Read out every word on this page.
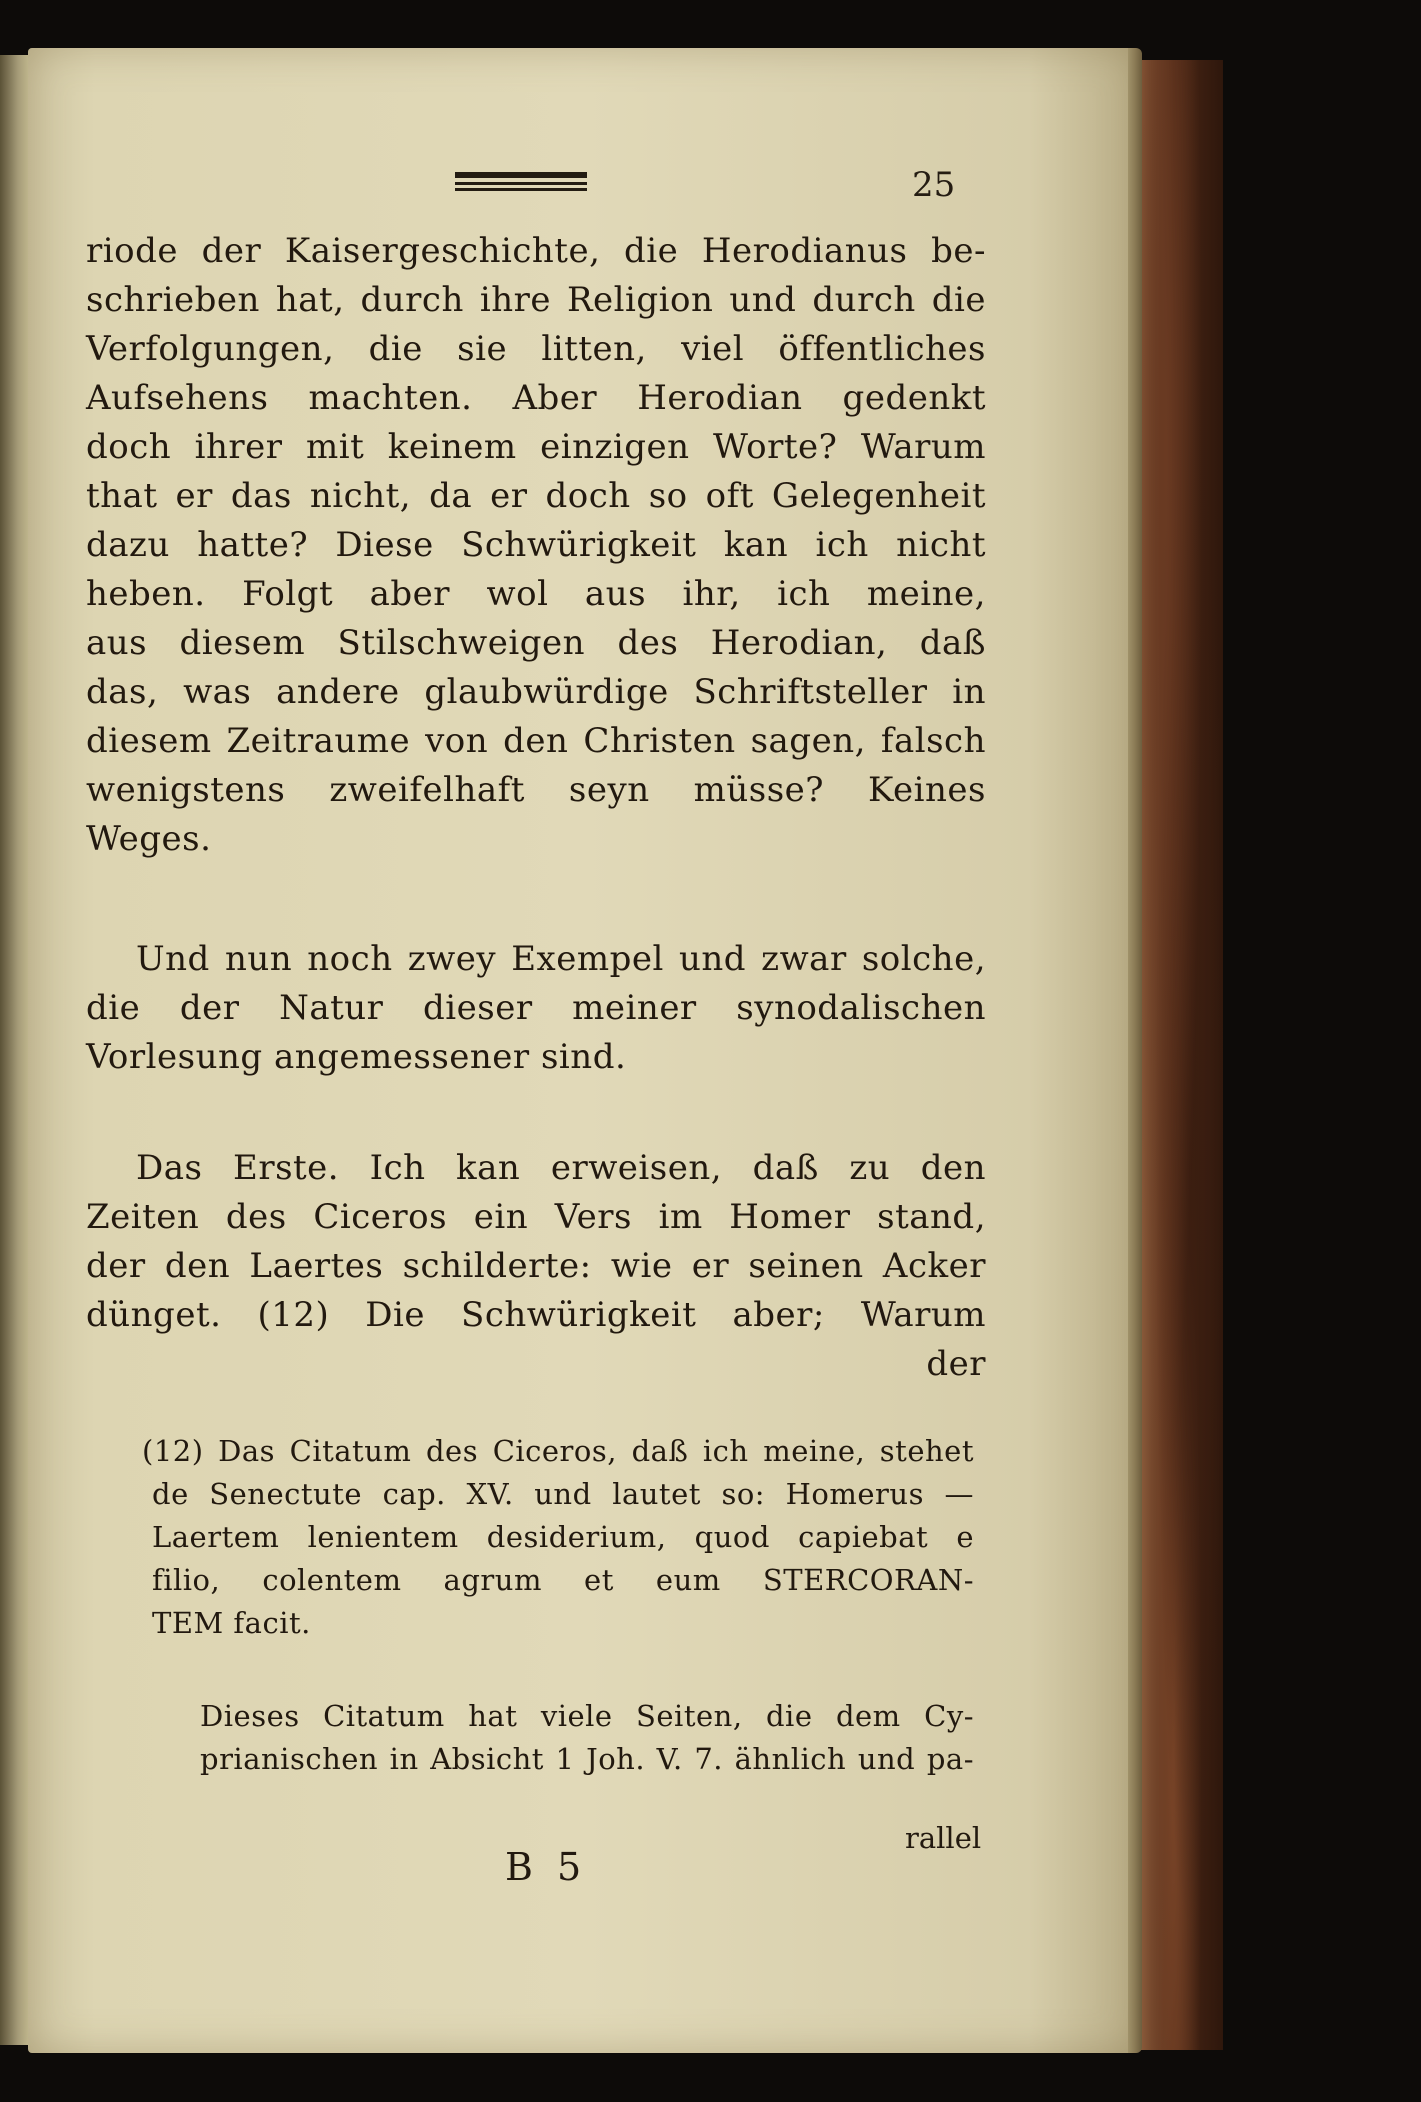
25
riode der Kaisergeschichte, die Herodianus be-
schrieben hat, durch ihre Religion und durch die
Verfolgungen, die sie litten, viel öffentliches
Aufsehens machten. Aber Herodian gedenkt
doch ihrer mit keinem einzigen Worte? Warum
that er das nicht, da er doch so oft Gelegenheit
dazu hatte? Diese Schwürigkeit kan ich nicht
heben. Folgt aber wol aus ihr, ich meine,
aus diesem Stilschweigen des Herodian, daß
das, was andere glaubwürdige Schriftsteller in
diesem Zeitraume von den Christen sagen, falsch
wenigstens zweifelhaft seyn müsse? Keines
Weges.
Und nun noch zwey Exempel und zwar solche,
die der Natur dieser meiner synodalischen
Vorlesung angemessener sind.
Das Erste. Ich kan erweisen, daß zu den
Zeiten des Ciceros ein Vers im Homer stand,
der den Laertes schilderte: wie er seinen Acker
dünget. (12) Die Schwürigkeit aber; Warum
der
(12) Das Citatum des Ciceros, daß ich meine, stehet
de Senectute cap. XV. und lautet so: Homerus —
Laertem lenientem desiderium, quod capiebat e
filio, colentem agrum et eum STERCORAN-
TEM facit.
Dieses Citatum hat viele Seiten, die dem Cy-
prianischen in Absicht 1 Joh. V. 7. ähnlich und pa-
rallel
B 5
